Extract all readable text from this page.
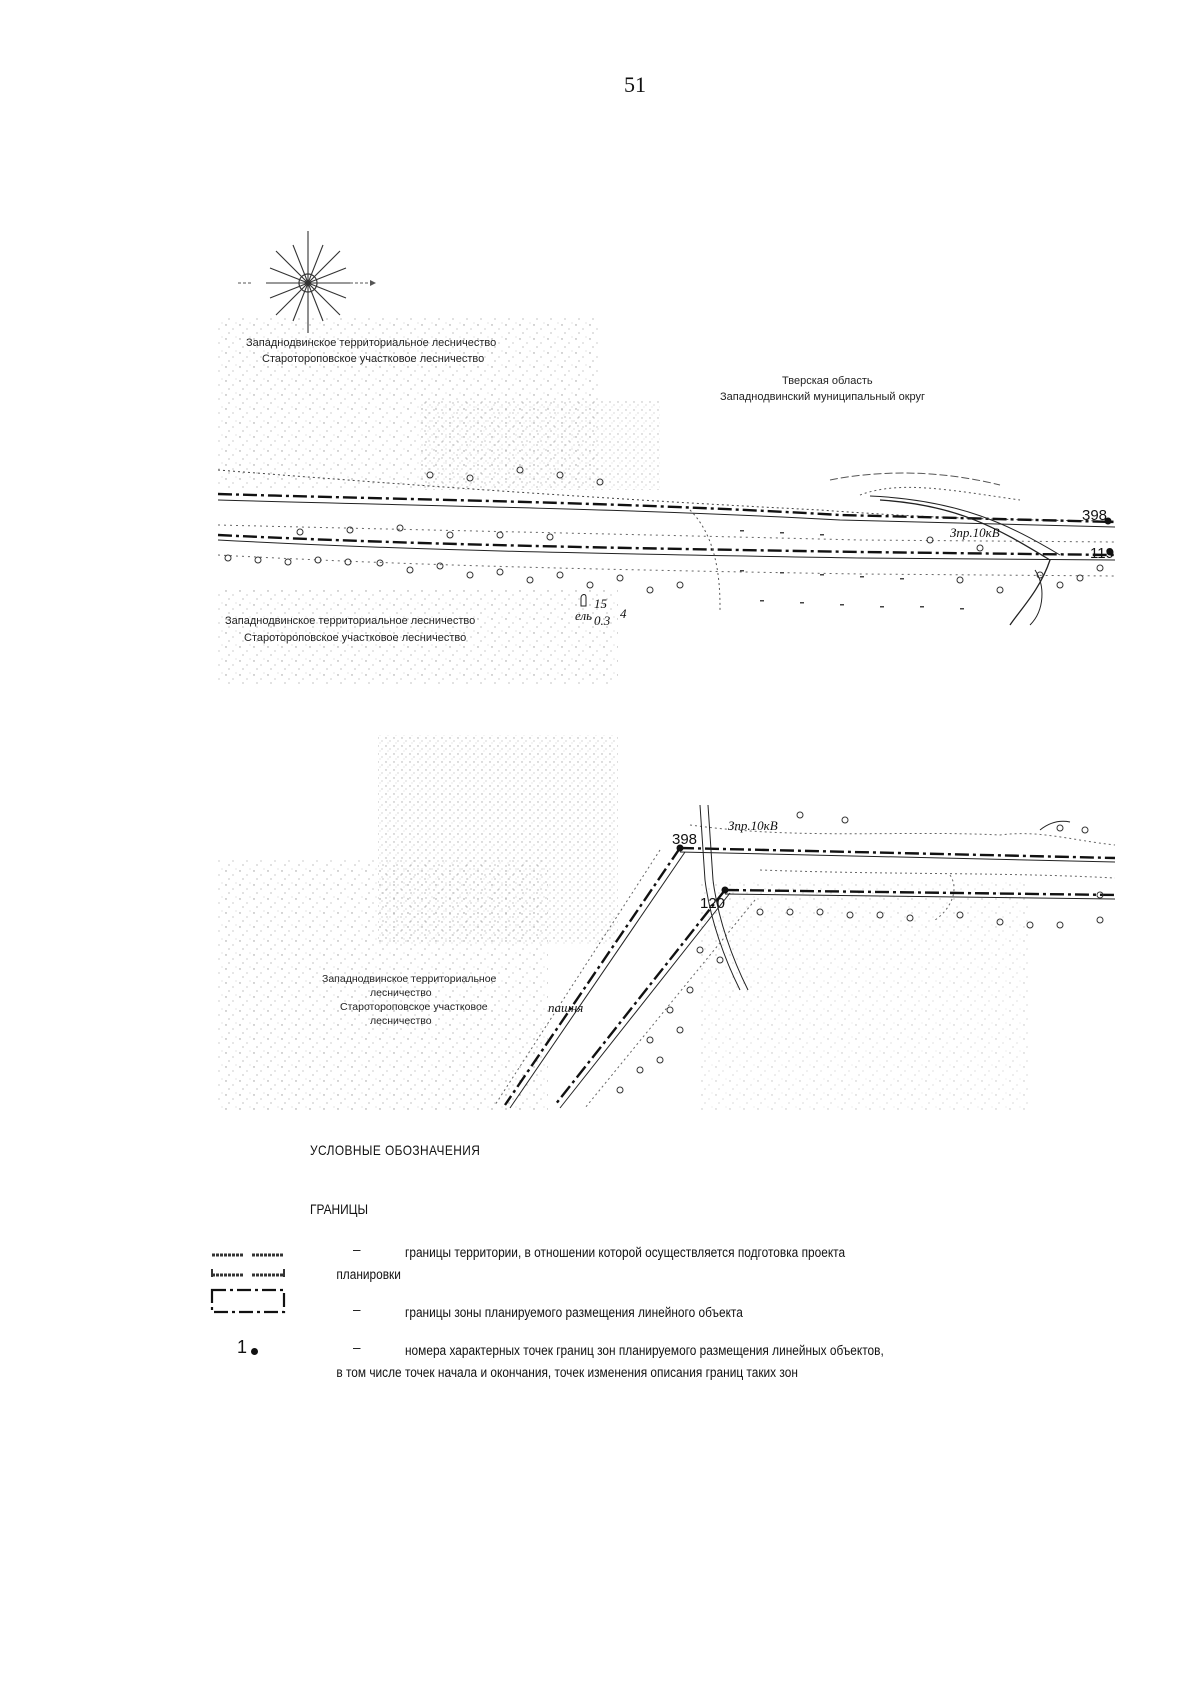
51
Западнодвинское территориальное лесничество
Старотороповское участковое лесничество
Тверская область
Западнодвинский муниципальный округ
Западнодвинское территориальное лесничество
Старотороповское участковое лесничество
Зпр.10кВ
ель
15
0.3 4
398
119
Западнодвинское территориальное
лесничество
Старотороповское участковое
лесничество
Зпр.10кВ
пашня
398
120
УСЛОВНЫЕ ОБОЗНАЧЕНИЯ
ГРАНИЦЫ
–	границы территории, в отношении которой осуществляется подготовка проекта
планировки
–	границы зоны планируемого размещения линейного объекта
1	–	номера характерных точек границ зон планируемого размещения линейных объектов,
в том числе точек начала и окончания, точек изменения описания границ таких зон
